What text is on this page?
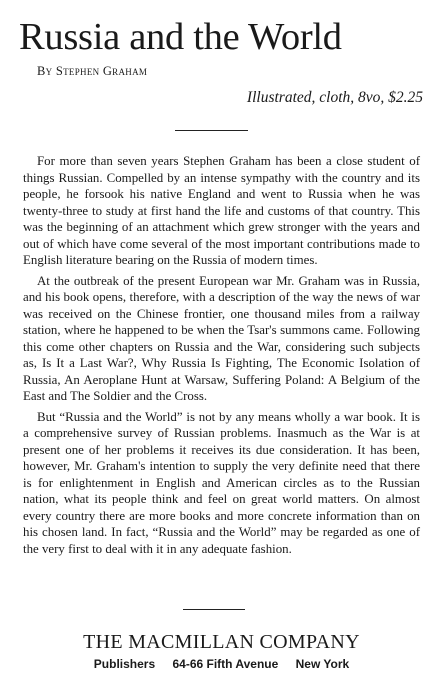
Russia and the World
By Stephen Graham
Illustrated, cloth, 8vo, $2.25

For more than seven years Stephen Graham has been a close student of things Russian. Compelled by an intense sympathy with the country and its people, he forsook his native England and went to Russia when he was twenty-three to study at first hand the life and customs of that country. This was the beginning of an attachment which grew stronger with the years and out of which have come several of the most important contributions made to English literature bearing on the Russia of modern times.

At the outbreak of the present European war Mr. Graham was in Russia, and his book opens, therefore, with a description of the way the news of war was received on the Chinese frontier, one thousand miles from a railway station, where he happened to be when the Tsar's summons came. Following this come other chapters on Russia and the War, considering such subjects as, Is It a Last War?, Why Russia Is Fighting, The Economic Isolation of Russia, An Aeroplane Hunt at Warsaw, Suffering Poland: A Belgium of the East and The Soldier and the Cross.

But “Russia and the World” is not by any means wholly a war book. It is a comprehensive survey of Russian problems. Inasmuch as the War is at present one of her problems it receives its due consideration. It has been, however, Mr. Graham's intention to supply the very definite need that there is for enlightenment in English and American circles as to the Russian nation, what its people think and feel on great world matters. On almost every country there are more books and more concrete information than on his chosen land. In fact, “Russia and the World” may be regarded as one of the very first to deal with it in any adequate fashion.

THE MACMILLAN COMPANY
Publishers 64-66 Fifth Avenue New York
